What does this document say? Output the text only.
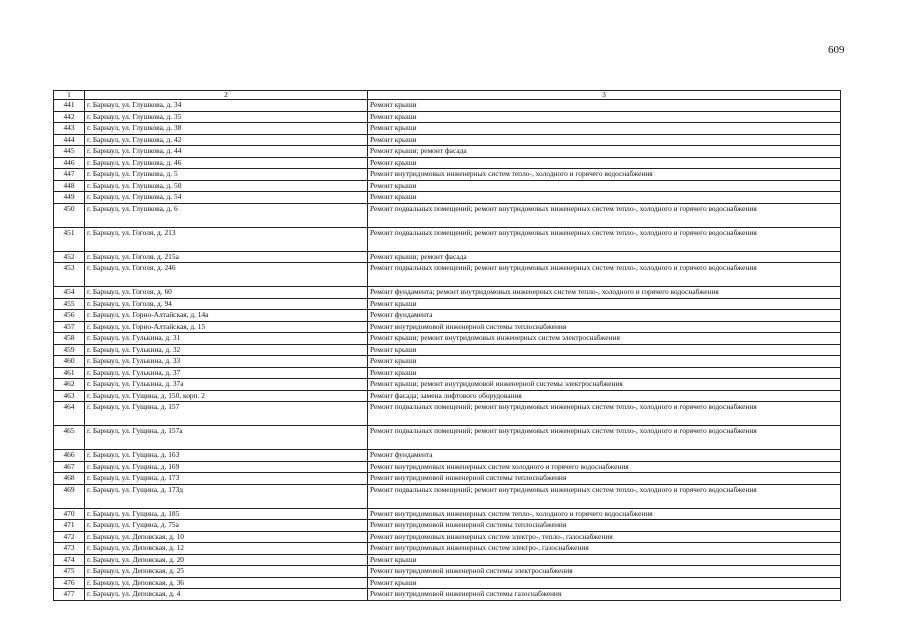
609
1	2	3
441	г. Барнаул, ул. Глушкова, д. 34	Ремонт крыши
442	г. Барнаул, ул. Глушкова, д. 35	Ремонт крыши
443	г. Барнаул, ул. Глушкова, д. 38	Ремонт крыши
444	г. Барнаул, ул. Глушкова, д. 42	Ремонт крыши
445	г. Барнаул, ул. Глушкова, д. 44	Ремонт крыши; ремонт фасада
446	г. Барнаул, ул. Глушкова, д. 46	Ремонт крыши
447	г. Барнаул, ул. Глушкова, д. 5	Ремонт внутридомовых инженерных систем тепло-, холодного и горячего водоснабжения
448	г. Барнаул, ул. Глушкова, д. 50	Ремонт крыши
449	г. Барнаул, ул. Глушкова, д. 54	Ремонт крыши
450	г. Барнаул, ул. Глушкова, д. 6	Ремонт подвальных помещений; ремонт внутридомовых инженерных систем тепло-, холодного и горячего водоснабжения
451	г. Барнаул, ул. Гоголя, д. 213	Ремонт подвальных помещений; ремонт внутридомовых инженерных систем тепло-, холодного и горячего водоснабжения
452	г. Барнаул, ул. Гоголя, д. 215а	Ремонт крыши; ремонт фасада
453	г. Барнаул, ул. Гоголя, д. 246	Ремонт подвальных помещений; ремонт внутридомовых инженерных систем тепло-, холодного и горячего водоснабжения
454	г. Барнаул, ул. Гоголя, д. 60	Ремонт фундамента; ремонт внутридомовых инженерных систем тепло-, холодного и горячего водоснабжения
455	г. Барнаул, ул. Гоголя, д. 94	Ремонт крыши
456	г. Барнаул, ул. Горно-Алтайская, д. 14а	Ремонт фундамента
457	г. Барнаул, ул. Горно-Алтайская, д. 15	Ремонт внутридомовой инженерной системы теплоснабжения
458	г. Барнаул, ул. Гулькина, д. 31	Ремонт крыши; ремонт внутридомовых инженерных систем электроснабжения
459	г. Барнаул, ул. Гулькина, д. 32	Ремонт крыши
460	г. Барнаул, ул. Гулькина, д. 33	Ремонт крыши
461	г. Барнаул, ул. Гулькина, д. 37	Ремонт крыши
462	г. Барнаул, ул. Гулькина, д. 37а	Ремонт крыши; ремонт внутридомовой инженерной системы электроснабжения
463	г. Барнаул, ул. Гущина, д. 150, корп. 2	Ремонт фасада; замена лифтового оборудования
464	г. Барнаул, ул. Гущина, д. 157	Ремонт подвальных помещений; ремонт внутридомовых инженерных систем тепло-, холодного и горячего водоснабжения
465	г. Барнаул, ул. Гущина, д. 157а	Ремонт подвальных помещений; ремонт внутридомовых инженерных систем тепло-, холодного и горячего водоснабжения
466	г. Барнаул, ул. Гущина, д. 163	Ремонт фундамента
467	г. Барнаул, ул. Гущина, д. 169	Ремонт внутридомовых инженерных систем холодного и горячего водоснабжения
468	г. Барнаул, ул. Гущина, д. 173	Ремонт внутридомовой инженерной системы теплоснабжения
469	г. Барнаул, ул. Гущина, д. 173д	Ремонт подвальных помещений; ремонт внутридомовых инженерных систем тепло-, холодного и горячего водоснабжения
470	г. Барнаул, ул. Гущина, д. 185	Ремонт внутридомовых инженерных систем тепло-, холодного и горячего водоснабжения
471	г. Барнаул, ул. Гущина, д. 75а	Ремонт внутридомовой инженерной системы теплоснабжения
472	г. Барнаул, ул. Деповская, д. 10	Ремонт внутридомовых инженерных систем электро-, тепло-, газоснабжения
473	г. Барнаул, ул. Деповская, д. 12	Ремонт внутридомовых инженерных систем электро-, газоснабжения
474	г. Барнаул, ул. Деповская, д. 20	Ремонт крыши
475	г. Барнаул, ул. Деповская, д. 25	Ремонт внутридомовой инженерной системы электроснабжения
476	г. Барнаул, ул. Деповская, д. 36	Ремонт крыши
477	г. Барнаул, ул. Деповская, д. 4	Ремонт внутридомовой инженерной системы газоснабжения
